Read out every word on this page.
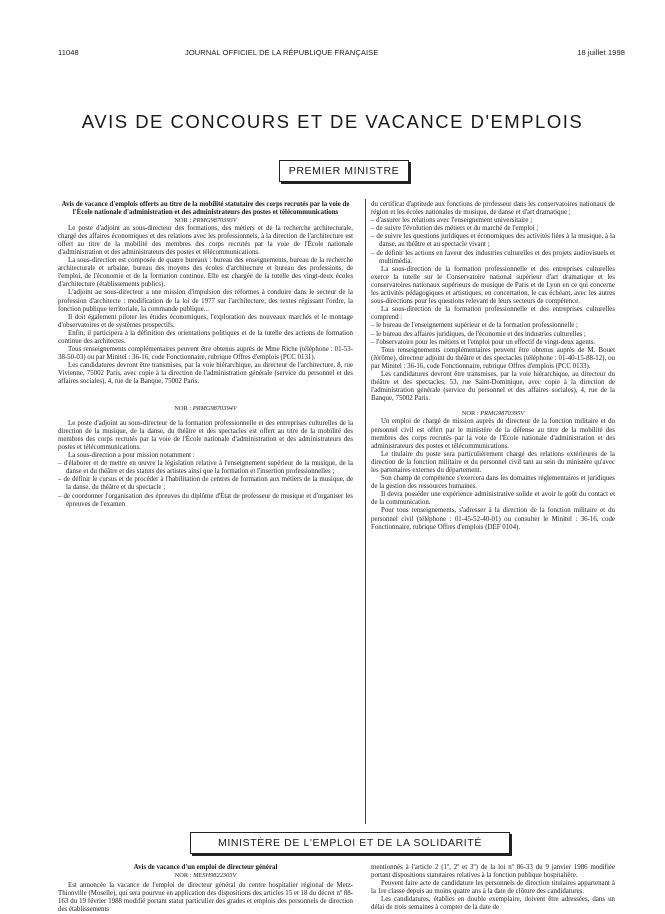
11048	JOURNAL OFFICIEL DE LA RÉPUBLIQUE FRANÇAISE	18 juillet 1998
AVIS DE CONCOURS ET DE VACANCE D'EMPLOIS
PREMIER MINISTRE

Avis de vacance d'emplois offerts au titre de la mobilité statutaire des corps recrutés par la voie de l'École nationale d'administration et des administrateurs des postes et télécommunications

NOR : PRMG9870393V

Le poste d'adjoint au sous-directeur des formations, des métiers et de la recherche architecturale, chargé des affaires économiques et des relations avec les professionnels, à la direction de l'architecture est offert au titre de la mobilité des membres des corps recrutés par la voie de l'École nationale d'administration et des administrateurs des postes et télécommunications.

La sous-direction est composée de quatre bureaux : bureau des enseignements, bureau de la recherche architecturale et urbaine, bureau des moyens des écoles d'architecture et bureau des professions, de l'emploi, de l'économie et de la formation continue. Elle est chargée de la tutelle des vingt-deux écoles d'architecture (établissements publics).

L'adjoint au sous-directeur a une mission d'impulsion des réformes à conduire dans le secteur de la profession d'architecte : modification de la loi de 1977 sur l'architecture, des textes régissant l'ordre, la fonction publique territoriale, la commande publique...

Il doit également piloter les études économiques, l'exploration des nouveaux marchés et le montage d'observatoires et de systèmes prospectifs.

Enfin, il participera à la définition des orientations politiques et de la tutelle des actions de formation continue des architectes.

Tous renseignements complémentaires peuvent être obtenus auprès de Mme Riche (téléphone : 01-53-38-50-03) ou par Minitel : 36-16, code Fonctionnaire, rubrique Offres d'emplois (PCC 0131).

Les candidatures devront être transmises, par la voie hiérarchique, au directeur de l'architecture, 8, rue Vivienne, 75002 Paris, avec copie à la direction de l'administration générale (service du personnel et des affaires sociales), 4, rue de la Banque, 75002 Paris.

NOR : PRMG9870394V

Le poste d'adjoint au sous-directeur de la formation professionnelle et des entreprises culturelles de la direction de la musique, de la danse, du théâtre et des spectacles est offert au titre de la mobilité des membres des corps recrutés par la voie de l'École nationale d'administration et des administrateurs des postes et télécommunications.

La sous-direction a pour mission notamment :

– d'élaborer et de mettre en œuvre la législation relative à l'enseignement supérieur de la musique, de la danse et du théâtre et des statuts des artistes ainsi que la formation et l'insertion professionnelles ;
– de définir le cursus et de procéder à l'habilitation de centres de formation aux métiers de la musique, de la danse, du théâtre et du spectacle ;
– de coordonner l'organisation des épreuves du diplôme d'État de professeur de musique et d'organiser les épreuves de l'examen

du certificat d'aptitude aux fonctions de professeur dans les conservatoires nationaux de région et les écoles nationales de musique, de danse et d'art dramatique ;

– d'assurer les relations avec l'enseignement universitaire ;
– de suivre l'évolution des métiers et du marché de l'emploi ;
– de suivre les questions juridiques et économiques des activités liées à la musique, à la danse, au théâtre et au spectacle vivant ;
– de définir les actions en faveur des industries culturelles et des projets audiovisuels et multimédia.

La sous-direction de la formation professionnelle et des entreprises culturelles exerce la tutelle sur le Conservatoire national supérieur d'art dramatique et les conservatoires nationaux supérieurs de musique de Paris et de Lyon en ce qui concerne les activités pédagogiques et artistiques, en concertation, le cas échéant, avec les autres sous-directions pour les questions relevant de leurs secteurs de compétence.

La sous-direction de la formation professionnelle et des entreprises culturelles comprend :

– le bureau de l'enseignement supérieur et de la formation professionnelle ;
– le bureau des affaires juridiques, de l'économie et des industries culturelles ;
– l'observatoire pour les métiers et l'emploi pour un effectif de vingt-deux agents.

Tous renseignements complémentaires peuvent être obtenus auprès de M. Bouet (Jérôme), directeur adjoint du théâtre et des spectacles (téléphone : 01-40-15-88-12), ou par Minitel : 36-16, code Fonctionnaire, rubrique Offres d'emplois (PCC 0133).

Les candidatures devront être transmises, par la voie hiérarchique, au directeur du théâtre et des spectacles, 53, rue Saint-Dominique, avec copie à la direction de l'administration générale (service du personnel et des affaires sociales), 4, rue de la Banque, 75002 Paris.

NOR : PRMG9870395V

Un emploi de chargé de mission auprès du directeur de la fonction militaire et du personnel civil est offert par le ministère de la défense au titre de la mobilité des membres des corps recrutés par la voie de l'École nationale d'administration et des administrateurs des postes et télécommunications.

Le titulaire du poste sera particulièrement chargé des relations extérieures de la direction de la fonction militaire et du personnel civil tant au sein du ministère qu'avec les partenaires externes du département.

Son champ de compétence s'exercera dans les domaines réglementaires et juridiques de la gestion des ressources humaines.

Il devra posséder une expérience administrative solide et avoir le goût du contact et de la communication.

Pour tous renseignements, s'adresser à la direction de la fonction militaire et du personnel civil (téléphone : 01-45-52-40-01) ou consulter le Minitel : 36-16, code Fonctionnaire, rubrique Offres d'emplois (DEF 0104).

MINISTÈRE DE L'EMPLOI ET DE LA SOLIDARITÉ

Avis de vacance d'un emploi de directeur général

NOR : MESH9822303V

Est annoncée la vacance de l'emploi de directeur général du centre hospitalier régional de Metz-Thionville (Moselle), qui sera pourvue en application des dispositions des articles 15 et 18 du décret nº 88-163 du 19 février 1988 modifié portant statut particulier des grades et emplois des personnels de direction des établissements

mentionnés à l'article 2 (1º, 2º et 3º) de la loi nº 86-33 du 9 janvier 1986 modifiée portant dispositions statutaires relatives à la fonction publique hospitalière.

Peuvent faire acte de candidature les personnels de direction titulaires appartenant à la 1re classe depuis au moins quatre ans à la date de clôture des candidatures.

Les candidatures, établies en double exemplaire, doivent être adressées, dans un délai de trois semaines à compter de la date de
